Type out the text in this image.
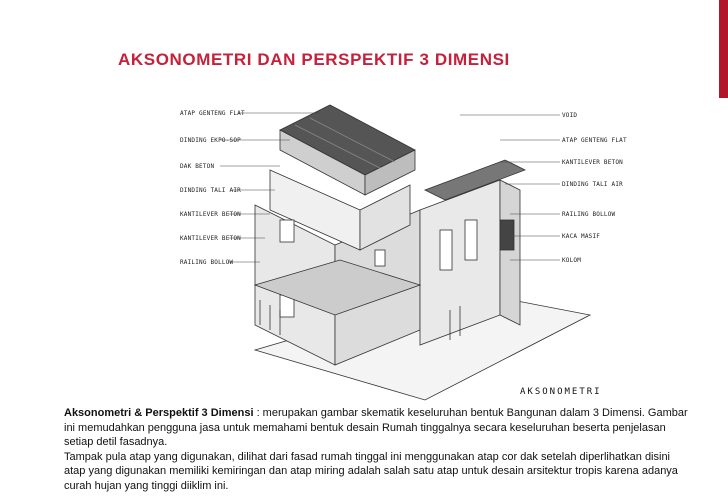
AKSONOMETRI DAN PERSPEKTIF 3 DIMENSI
ATAP GENTENG FLAT
DINDING EKPO-SOP
DAK BETON
DINDING TALI AIR
KANTILEVER BETON
KANTILEVER BETON
RAILING BOLLOW
VOID
ATAP GENTENG FLAT
KANTILEVER BETON
DINDING TALI AIR
RAILING BOLLOW
KACA MASIF
KOLOM
AKSONOMETRI

Aksonometri & Perspektif 3 Dimensi : merupakan gambar skematik keseluruhan bentuk Bangunan dalam 3 Dimensi. Gambar ini memudahkan pengguna jasa untuk memahami bentuk desain Rumah tinggalnya secara keseluruhan beserta penjelasan setiap detil fasadnya.

Tampak pula atap yang digunakan, dilihat dari fasad rumah tinggal ini menggunakan atap cor dak setelah diperlihatkan disini atap yang digunakan memiliki kemiringan dan atap miring adalah salah satu atap untuk desain arsitektur tropis karena adanya curah hujan yang tinggi diiklim ini.
